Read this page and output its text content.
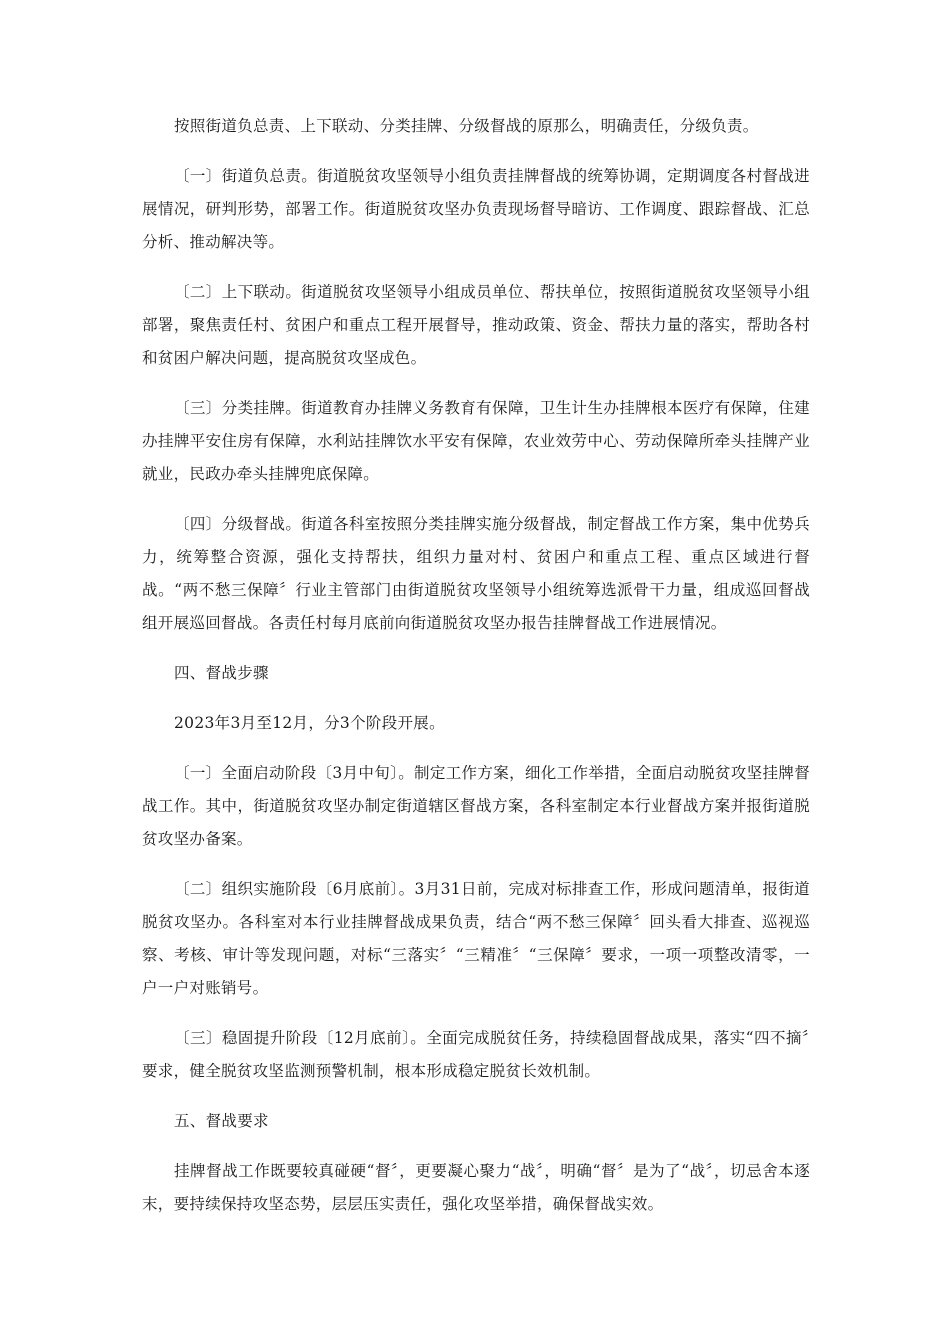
按照街道负总责、上下联动、分类挂牌、分级督战的原那么，明确责任，分级负责。

〔一〕街道负总责。街道脱贫攻坚领导小组负责挂牌督战的统筹协调，定期调度各村督战进展情况，研判形势，部署工作。街道脱贫攻坚办负责现场督导暗访、工作调度、跟踪督战、汇总分析、推动解决等。

〔二〕上下联动。街道脱贫攻坚领导小组成员单位、帮扶单位，按照街道脱贫攻坚领导小组部署，聚焦责任村、贫困户和重点工程开展督导，推动政策、资金、帮扶力量的落实，帮助各村和贫困户解决问题，提高脱贫攻坚成色。

〔三〕分类挂牌。街道教育办挂牌义务教育有保障，卫生计生办挂牌根本医疗有保障，住建办挂牌平安住房有保障，水利站挂牌饮水平安有保障，农业效劳中心、劳动保障所牵头挂牌产业就业，民政办牵头挂牌兜底保障。

〔四〕分级督战。街道各科室按照分类挂牌实施分级督战，制定督战工作方案，集中优势兵力，统筹整合资源，强化支持帮扶，组织力量对村、贫困户和重点工程、重点区域进行督战。“两不愁三保障〞行业主管部门由街道脱贫攻坚领导小组统筹选派骨干力量，组成巡回督战组开展巡回督战。各责任村每月底前向街道脱贫攻坚办报告挂牌督战工作进展情况。

四、督战步骤

2023年3月至12月，分3个阶段开展。

〔一〕全面启动阶段〔3月中旬〕。制定工作方案，细化工作举措，全面启动脱贫攻坚挂牌督战工作。其中，街道脱贫攻坚办制定街道辖区督战方案，各科室制定本行业督战方案并报街道脱贫攻坚办备案。

〔二〕组织实施阶段〔6月底前〕。3月31日前，完成对标排查工作，形成问题清单，报街道脱贫攻坚办。各科室对本行业挂牌督战成果负责，结合“两不愁三保障〞回头看大排查、巡视巡察、考核、审计等发现问题，对标“三落实〞“三精准〞“三保障〞要求，一项一项整改清零，一户一户对账销号。

〔三〕稳固提升阶段〔12月底前〕。全面完成脱贫任务，持续稳固督战成果，落实“四不摘〞要求，健全脱贫攻坚监测预警机制，根本形成稳定脱贫长效机制。

五、督战要求

挂牌督战工作既要较真碰硬“督〞，更要凝心聚力“战〞，明确“督〞是为了“战〞，切忌舍本逐末，要持续保持攻坚态势，层层压实责任，强化攻坚举措，确保督战实效。
